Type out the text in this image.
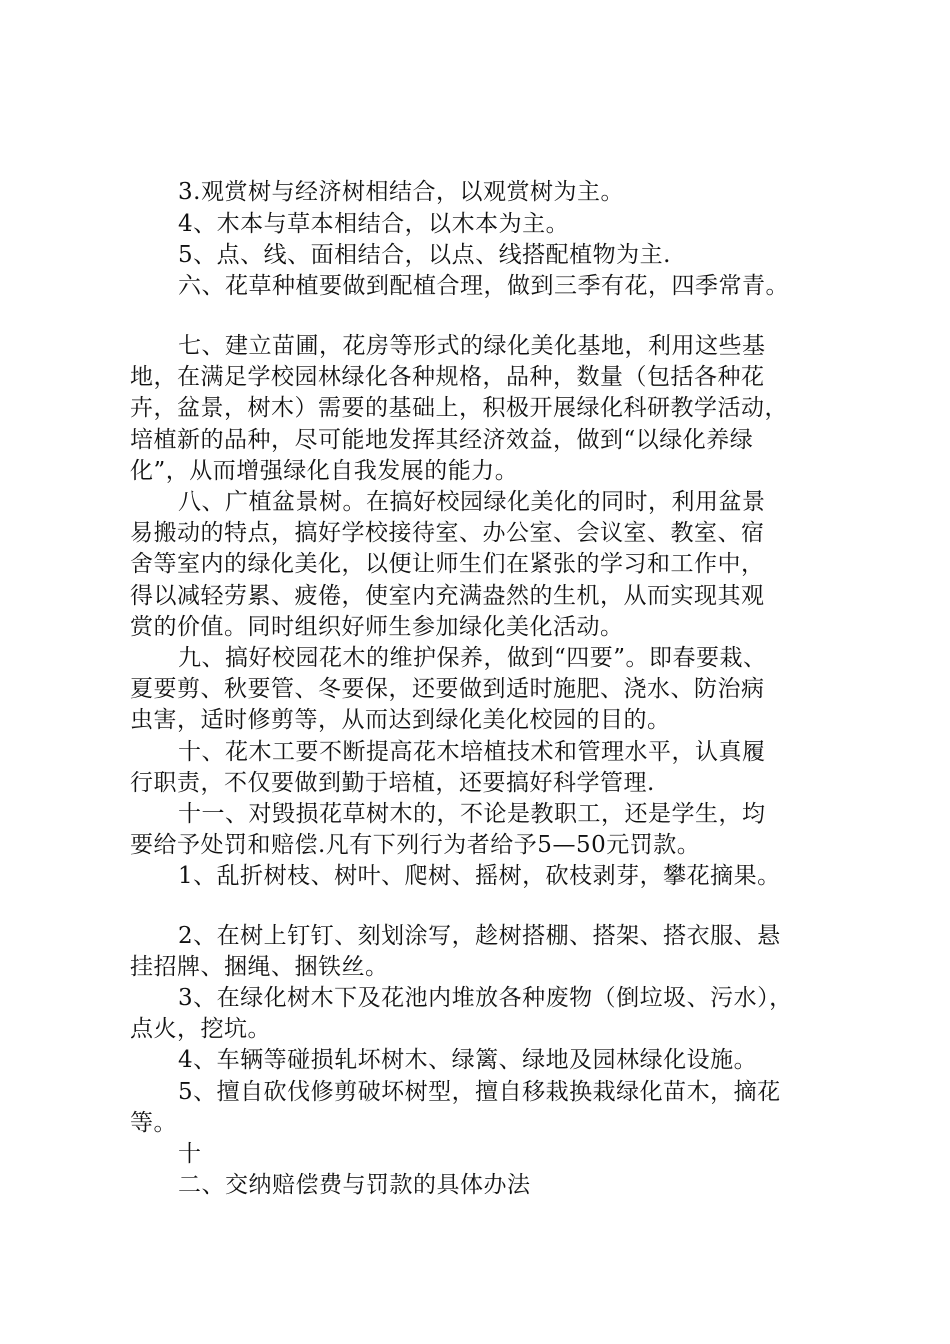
3.观赏树与经济树相结合，以观赏树为主。
4、木本与草本相结合，以木本为主。
5、点、线、面相结合，以点、线搭配植物为主.
六、花草种植要做到配植合理，做到三季有花，四季常青。
七、建立苗圃，花房等形式的绿化美化基地，利用这些基
地，在满足学校园林绿化各种规格，品种，数量（包括各种花
卉，盆景，树木）需要的基础上，积极开展绿化科研教学活动，
培植新的品种，尽可能地发挥其经济效益，做到“以绿化养绿
化”，从而增强绿化自我发展的能力。
八、广植盆景树。在搞好校园绿化美化的同时，利用盆景
易搬动的特点，搞好学校接待室、办公室、会议室、教室、宿
舍等室内的绿化美化，以便让师生们在紧张的学习和工作中，
得以减轻劳累、疲倦，使室内充满盎然的生机，从而实现其观
赏的价值。同时组织好师生参加绿化美化活动。
九、搞好校园花木的维护保养，做到“四要”。即春要栽、
夏要剪、秋要管、冬要保，还要做到适时施肥、浇水、防治病
虫害，适时修剪等，从而达到绿化美化校园的目的。
十、花木工要不断提高花木培植技术和管理水平，认真履
行职责，不仅要做到勤于培植，还要搞好科学管理.
十一、对毁损花草树木的，不论是教职工，还是学生，均
要给予处罚和赔偿.凡有下列行为者给予5—50元罚款。
1、乱折树枝、树叶、爬树、摇树，砍枝剥芽，攀花摘果。
2、在树上钉钉、刻划涂写，趁树搭棚、搭架、搭衣服、悬
挂招牌、捆绳、捆铁丝。
3、在绿化树木下及花池内堆放各种废物（倒垃圾、污水），
点火，挖坑。
4、车辆等碰损轧坏树木、绿篱、绿地及园林绿化设施。
5、擅自砍伐修剪破坏树型，擅自移栽换栽绿化苗木，摘花
等。
十
二、交纳赔偿费与罚款的具体办法
